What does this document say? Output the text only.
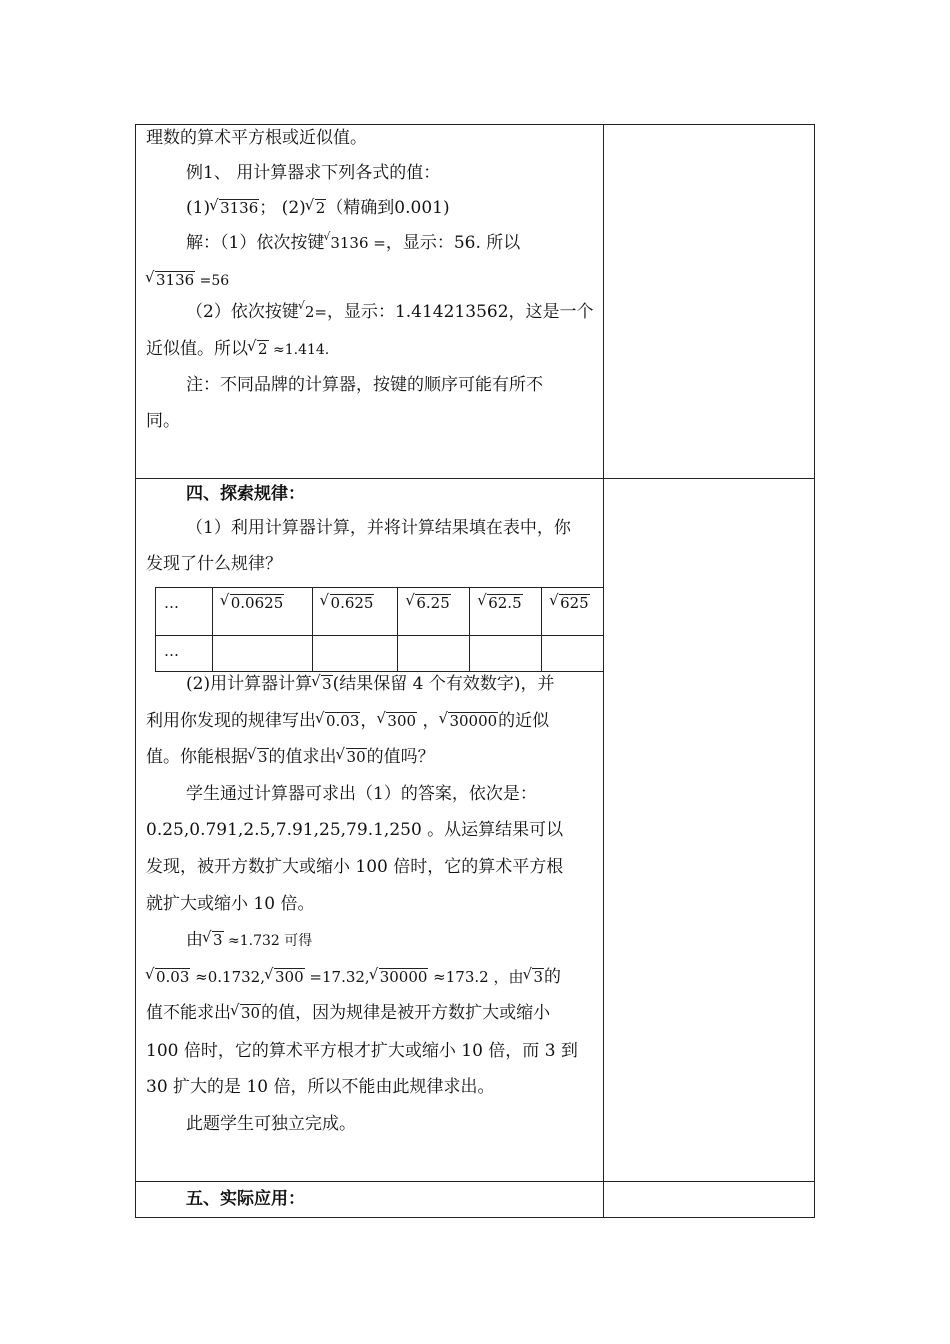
理数的算术平方根或近似值。
例1、 用计算器求下列各式的值：
(1) √ 3136； (2) √ 2（精确到0.001)
解：（1）依次按键 √ 3136 =，显示：56. 所以
√ 3136 =56
（2）依次按键 √ 2=，显示：1.414213562，这是一个
近似值。所以 √ 2 ≈1.414.
注：不同品牌的计算器，按键的顺序可能有所不
同。
四、探索规律：
（1）利用计算器计算，并将计算结果填在表中，你
发现了什么规律？
…	√ 0.0625	√ 0.625	√ 6.25	√ 62.5	√ 625
…					
(2)用计算器计算 √ 3(结果保留 4 个有效数字)，并
利用你发现的规律写出 √ 0.03， √ 300 ， √ 30000的近似
值。你能根据 √ 3的值求出 √ 30的值吗？
学生通过计算器可求出（1）的答案，依次是：
0.25,0.791,2.5,7.91,25,79.1,250 。从运算结果可以
发现，被开方数扩大或缩小 100 倍时，它的算术平方根
就扩大或缩小 10 倍。
由 √ 3 ≈1.732 可得
√ 0.03 ≈0.1732, √ 300 =17.32, √ 30000 ≈173.2 ，由 √ 3的
值不能求出 √ 30的值，因为规律是被开方数扩大或缩小
100 倍时，它的算术平方根才扩大或缩小 10 倍，而 3 到
30 扩大的是 10 倍，所以不能由此规律求出。
此题学生可独立完成。
五、实际应用：
